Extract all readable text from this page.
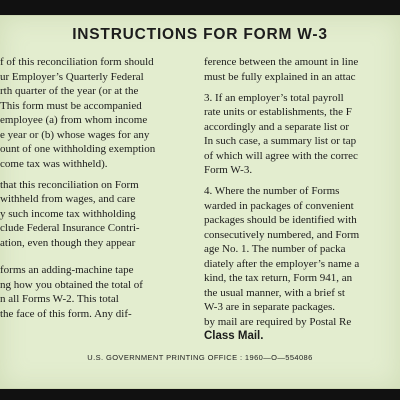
INSTRUCTIONS FOR FORM W-3
f of this reconciliation form should
ur Employer’s Quarterly Federal
rth quarter of the year (or at the
This form must be accompanied
employee (a) from whom income
e year or (b) whose wages for any
ount of one withholding exemption
come tax was withheld).
that this reconciliation on Form
withheld from wages, and care
y such income tax withholding
clude Federal Insurance Contri-
ation, even though they appear
forms an adding-machine tape
ng how you obtained the total of
n all Forms W-2. This total
the face of this form. Any dif-
ference between the amount in line
must be fully explained in an attac
3. If an employer’s total payroll
rate units or establishments, the F
accordingly and a separate list or
In such case, a summary list or tap
of which will agree with the correc
Form W-3.
4. Where the number of Forms
warded in packages of convenient
packages should be identified with
consecutively numbered, and Form
age No. 1. The number of packa
diately after the employer’s name a
kind, the tax return, Form 941, an
the usual manner, with a brief st
W-3 are in separate packages.
by mail are required by Postal Re
Class Mail.
U.S. GOVERNMENT PRINTING OFFICE : 1960—O—554086
